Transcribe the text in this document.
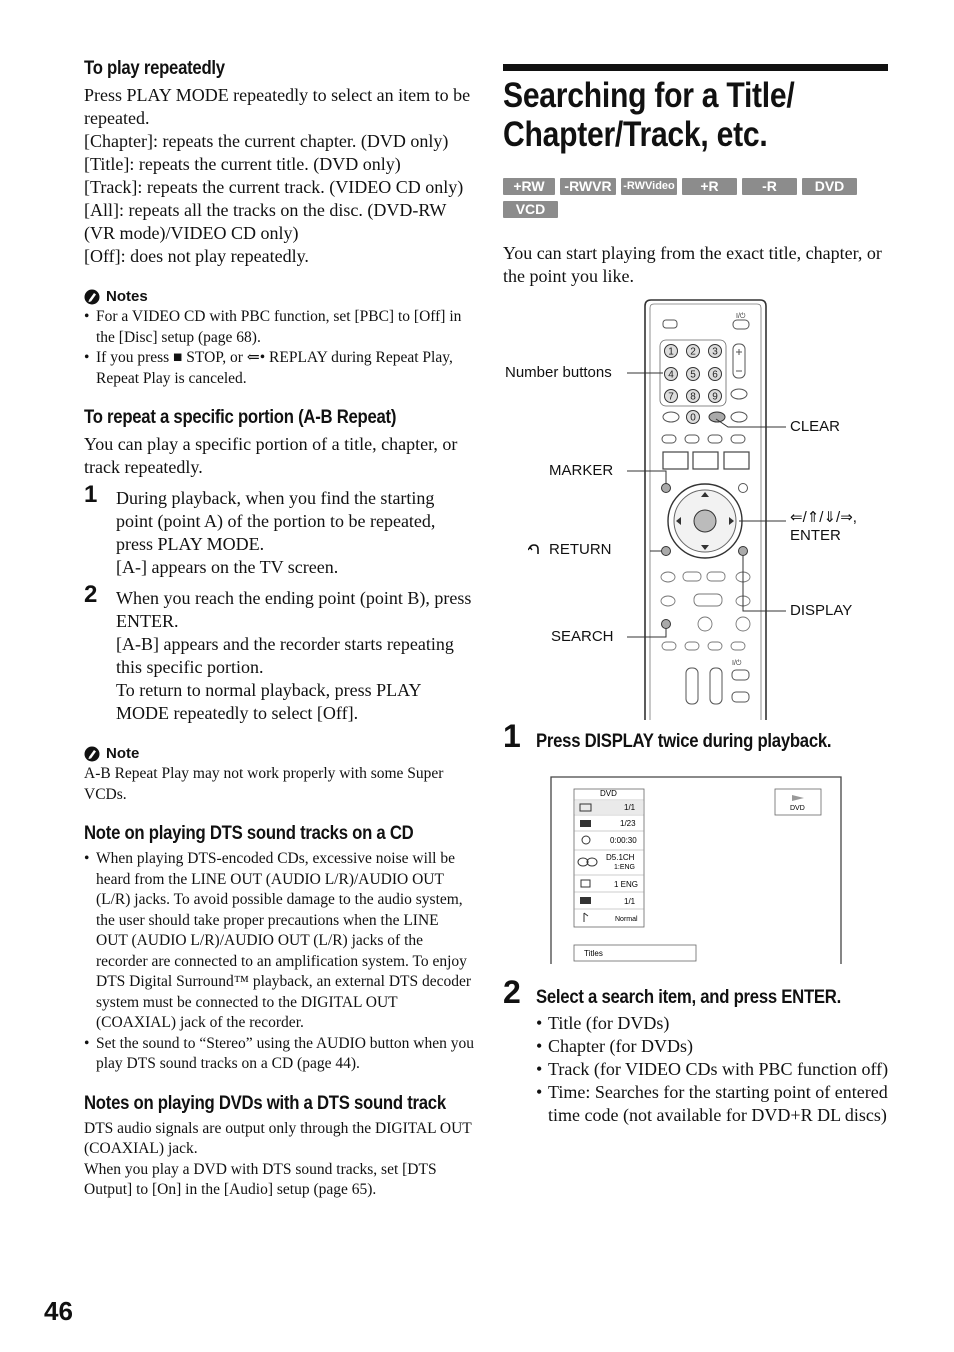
To play repeatedly
Press PLAY MODE repeatedly to select an item to be repeated.
[Chapter]: repeats the current chapter. (DVD only)
[Title]: repeats the current title. (DVD only)
[Track]: repeats the current track. (VIDEO CD only)
[All]: repeats all the tracks on the disc. (DVD-RW (VR mode)/VIDEO CD only)
[Off]: does not play repeatedly.
Notes
• For a VIDEO CD with PBC function, set [PBC] to [Off] in the [Disc] setup (page 68).
• If you press ■ STOP, or ⇐• REPLAY during Repeat Play, Repeat Play is canceled.
To repeat a specific portion (A-B Repeat)
You can play a specific portion of a title, chapter, or track repeatedly.
1 During playback, when you find the starting point (point A) of the portion to be repeated, press PLAY MODE.
[A-] appears on the TV screen.
2 When you reach the ending point (point B), press ENTER.
[A-B] appears and the recorder starts repeating this specific portion.
To return to normal playback, press PLAY MODE repeatedly to select [Off].
Note
A-B Repeat Play may not work properly with some Super VCDs.
Note on playing DTS sound tracks on a CD
• When playing DTS-encoded CDs, excessive noise will be heard from the LINE OUT (AUDIO L/R)/AUDIO OUT (L/R) jacks. To avoid possible damage to the audio system, the user should take proper precautions when the LINE OUT (AUDIO L/R)/AUDIO OUT (L/R) jacks of the recorder are connected to an amplification system. To enjoy DTS Digital Surround™ playback, an external DTS decoder system must be connected to the DIGITAL OUT (COAXIAL) jack of the recorder.
• Set the sound to “Stereo” using the AUDIO button when you play DTS sound tracks on a CD (page 44).
Notes on playing DVDs with a DTS sound track
DTS audio signals are output only through the DIGITAL OUT (COAXIAL) jack.
When you play a DVD with DTS sound tracks, set [DTS Output] to [On] in the [Audio] setup (page 65).
Searching for a Title/
Chapter/Track, etc.
+RW -RWVR -RWVideo +R	-R	DVD
VCD
You can start playing from the exact title, chapter, or the point you like.
I/⏻
1 2 3
4 5 6
7 8 9
0
I/⏻
Number buttons
CLEAR
MARKER
⇐/⇑/⇓/⇒,
ENTER
RETURN
DISPLAY
SEARCH
1 Press DISPLAY twice during playback.
DVD
1/1
1/23
0:00:30
D5.1CH
1:ENG
1 ENG
1/1
Normal
DVD
Titles
2 Select a search item, and press ENTER.
• Title (for DVDs)
• Chapter (for DVDs)
• Track (for VIDEO CDs with PBC function off)
• Time: Searches for the starting point of entered time code (not available for DVD+R DL discs)
46
